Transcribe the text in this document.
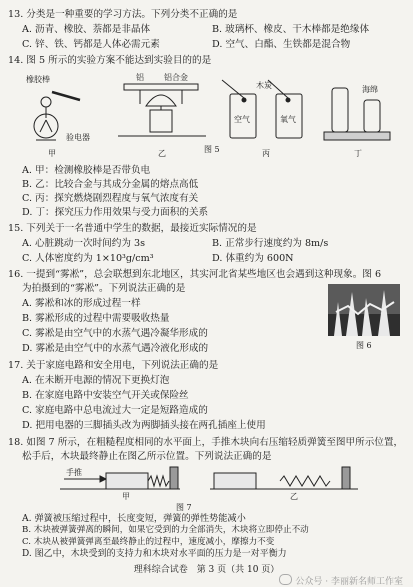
13. 分类是一种重要的学习方法。下列分类不正确的是
A. 沥青、橡胶、萘都是非晶体	B. 玻璃杯、橡皮、干木棒都是绝缘体
C. 锌、铁、钙都是人体必需元素	D. 空气、白酯、生铁都是混合物
14. 图 5 所示的实验方案不能达到实验目的的是
橡胶棒	铝	铝合金
验电器
木炭
空气	氧气
海绵
甲	乙	丙	丁
图 5
A. 甲：检测橡胶棒是否带负电
B. 乙：比较合金与其成分金属的熔点高低
C. 丙：探究燃烧剧烈程度与氧气浓度有关
D. 丁：探究压力作用效果与受力面积的关系
15. 下列关于一名普通中学生的数据，最接近实际情况的是
A. 心脏跳动一次时间约为 3s	B. 正常步行速度约为 8m/s
C. 人体密度约为 1×10³g/cm³	D. 体重约为 600N
16. 一提到“雾凇”，总会联想到东北地区，其实河北省某些地区也会遇到这种现象。图 6
为拍摄到的“雾凇”。下列说法正确的是
A. 雾凇和冰的形成过程一样
B. 雾凇形成的过程中需要吸收热量
C. 雾凇是由空气中的水蒸气遇冷凝华形成的
D. 雾凇是由空气中的水蒸气遇冷液化形成的	图 6
17. 关于家庭电路和安全用电，下列说法正确的是
A. 在未断开电源的情况下更换灯泡
B. 在家庭电路中安装空气开关或保险丝
C. 家庭电路中总电流过大一定是短路造成的
D. 把用电器的三脚插头改为两脚插头接在两孔插座上使用
18. 如图 7 所示，在粗糙程度相同的水平面上，手推木块向右压缩轻质弹簧至图甲所示位置，
松手后，木块最终静止在图乙所示位置。下列说法正确的是
手推
甲	乙
图 7
A. 弹簧被压缩过程中，长度变短，弹簧的弹性势能减小
B. 木块被弹簧弹离的瞬间，如果它受到的力全部消失，木块将立即停止不动
C. 木块从被弹簧弹离至最终静止的过程中，速度减小，摩擦力不变
D. 图乙中，木块受到的支持力和木块对水平面的压力是一对平衡力
理科综合试卷　第 3 页（共 10 页）
公众号 · 李丽新名师工作室
